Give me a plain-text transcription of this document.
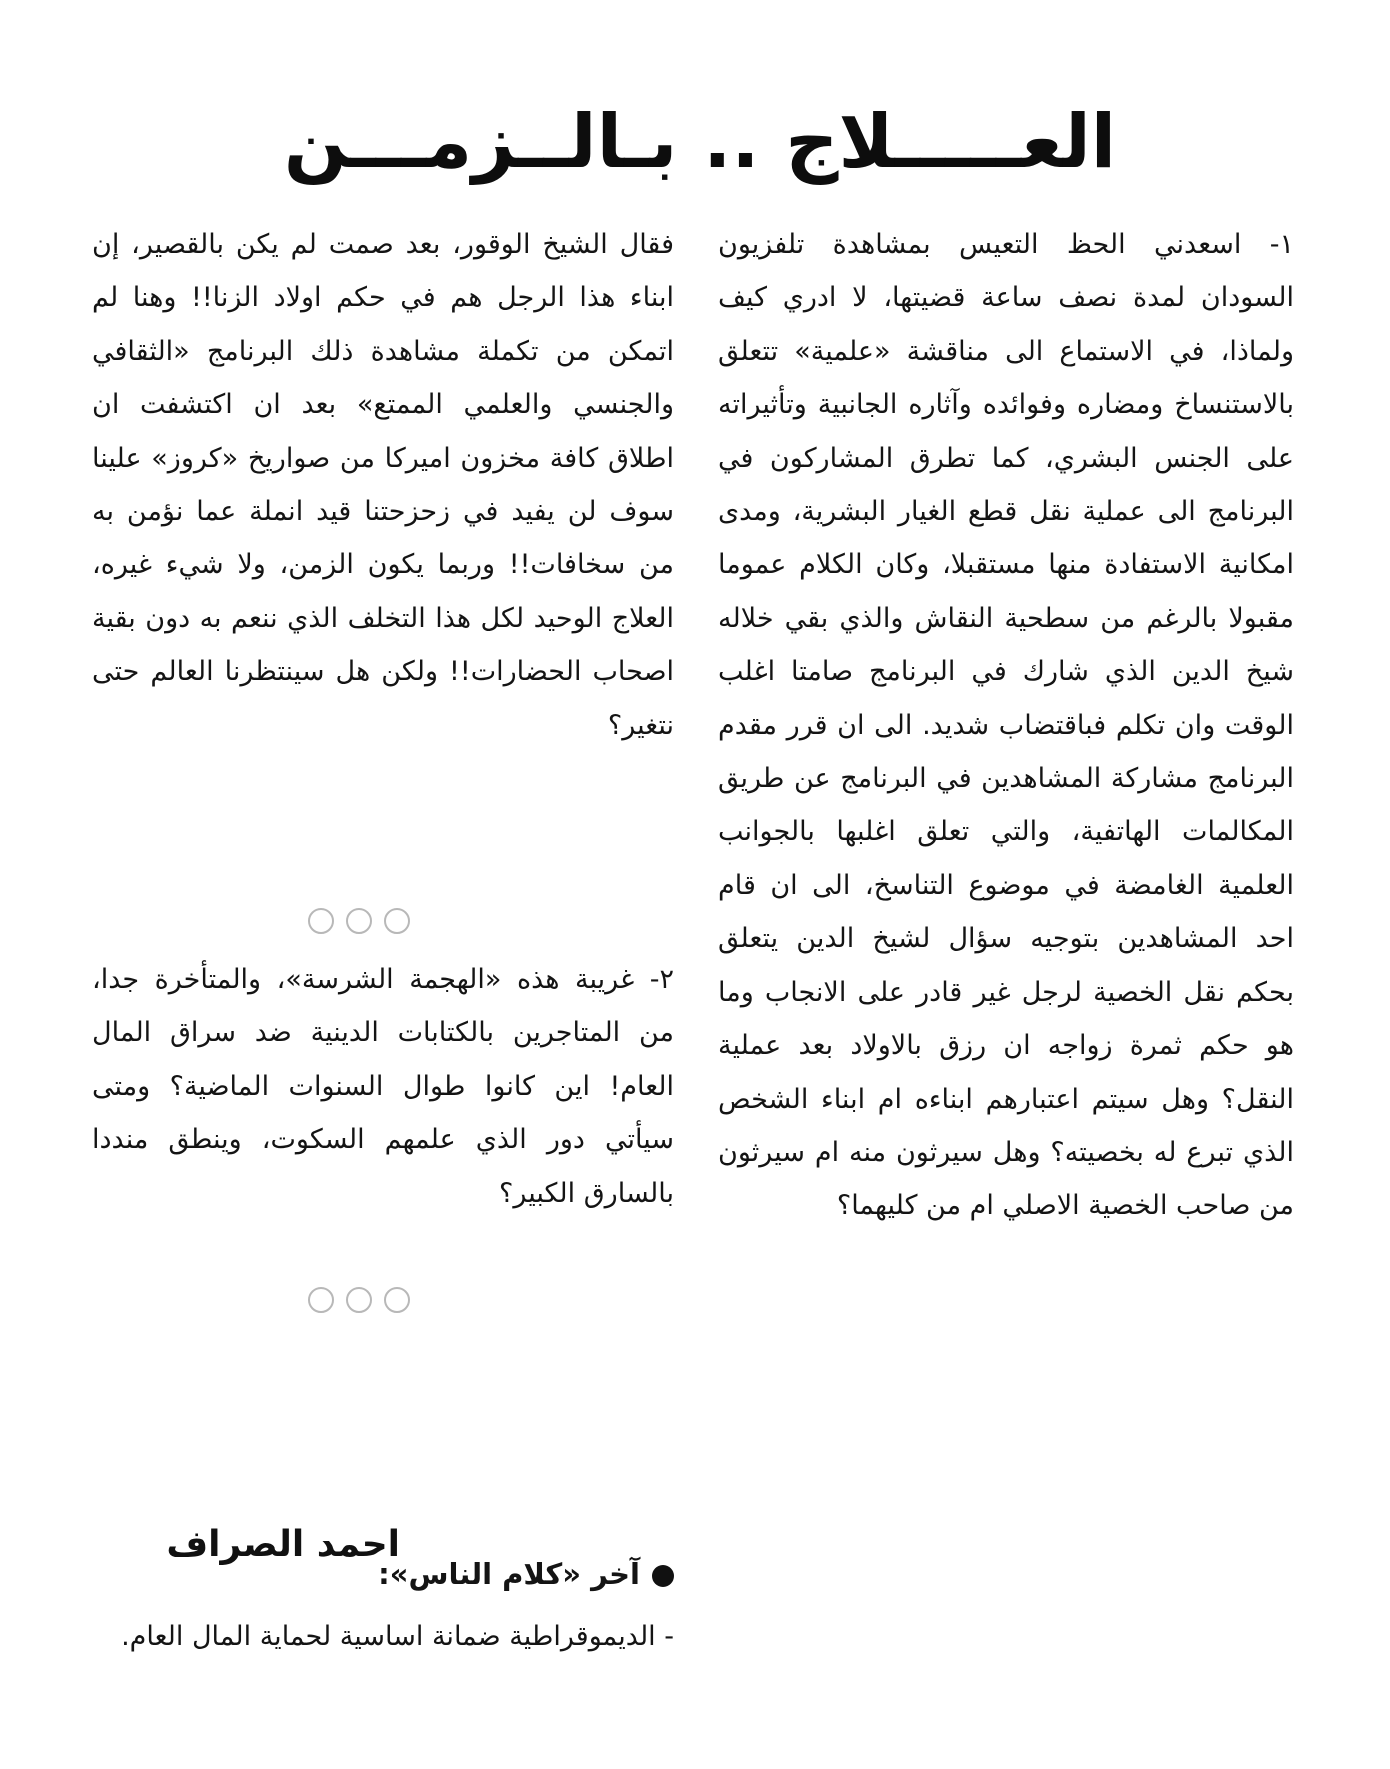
العـــــلاج .. بـالــزمـــن

١- اسعدني الحظ التعيس بمشاهدة تلفزيون السودان لمدة نصف ساعة قضيتها، لا ادري كيف ولماذا، في الاستماع الى مناقشة «علمية» تتعلق بالاستنساخ ومضاره وفوائده وآثاره الجانبية وتأثيراته على الجنس البشري، كما تطرق المشاركون في البرنامج الى عملية نقل قطع الغيار البشرية، ومدى امكانية الاستفادة منها مستقبلا، وكان الكلام عموما مقبولا بالرغم من سطحية النقاش والذي بقي خلاله شيخ الدين الذي شارك في البرنامج صامتا اغلب الوقت وان تكلم فباقتضاب شديد. الى ان قرر مقدم البرنامج مشاركة المشاهدين في البرنامج عن طريق المكالمات الهاتفية، والتي تعلق اغلبها بالجوانب العلمية الغامضة في موضوع التناسخ، الى ان قام احد المشاهدين بتوجيه سؤال لشيخ الدين يتعلق بحكم نقل الخصية لرجل غير قادر على الانجاب وما هو حكم ثمرة زواجه ان رزق بالاولاد بعد عملية النقل؟ وهل سيتم اعتبارهم ابناءه ام ابناء الشخص الذي تبرع له بخصيته؟ وهل سيرثون منه ام سيرثون من صاحب الخصية الاصلي ام من كليهما؟

فقال الشيخ الوقور، بعد صمت لم يكن بالقصير، إن ابناء هذا الرجل هم في حكم اولاد الزنا!! وهنا لم اتمكن من تكملة مشاهدة ذلك البرنامج «الثقافي والجنسي والعلمي الممتع» بعد ان اكتشفت ان اطلاق كافة مخزون اميركا من صواريخ «كروز» علينا سوف لن يفيد في زحزحتنا قيد انملة عما نؤمن به من سخافات!! وربما يكون الزمن، ولا شيء غيره، العلاج الوحيد لكل هذا التخلف الذي ننعم به دون بقية اصحاب الحضارات!! ولكن هل سينتظرنا العالم حتى نتغير؟

٢- غريبة هذه «الهجمة الشرسة»، والمتأخرة جدا، من المتاجرين بالكتابات الدينية ضد سراق المال العام! اين كانوا طوال السنوات الماضية؟ ومتى سيأتي دور الذي علمهم السكوت، وينطق منددا بالسارق الكبير؟

آخر «كلام الناس»:

- الديموقراطية ضمانة اساسية لحماية المال العام.

احمد الصراف
